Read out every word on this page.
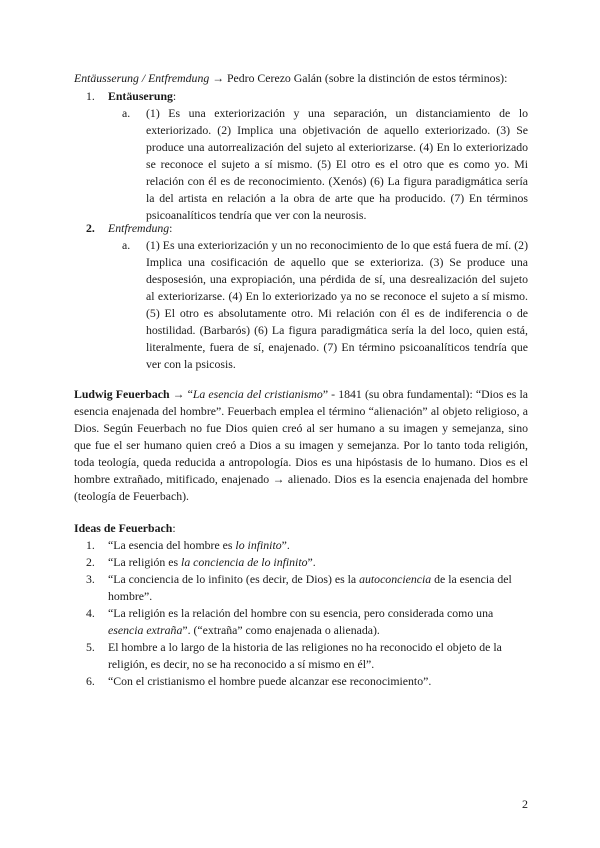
Entäusserung / Entfremdung → Pedro Cerezo Galán (sobre la distinción de estos términos):
1.	Entäuserung:
a. (1) Es una exteriorización y una separación, un distanciamiento de lo exteriorizado. (2) Implica una objetivación de aquello exteriorizado. (3) Se produce una autorrealización del sujeto al exteriorizarse. (4) En lo exteriorizado se reconoce el sujeto a sí mismo. (5) El otro es el otro que es como yo. Mi relación con él es de reconocimiento. (Xenós) (6) La figura paradigmática sería la del artista en relación a la obra de arte que ha producido. (7) En términos psicoanalíticos tendría que ver con la neurosis.
2.	Entfremdung:
a. (1) Es una exteriorización y un no reconocimiento de lo que está fuera de mí. (2) Implica una cosificación de aquello que se exterioriza. (3) Se produce una desposesión, una expropiación, una pérdida de sí, una desrealización del sujeto al exteriorizarse. (4) En lo exteriorizado ya no se reconoce el sujeto a sí mismo. (5) El otro es absolutamente otro. Mi relación con él es de indiferencia o de hostilidad. (Barbarós) (6) La figura paradigmática sería la del loco, quien está, literalmente, fuera de sí, enajenado. (7) En término psicoanalíticos tendría que ver con la psicosis.
Ludwig Feuerbach → “La esencia del cristianismo” - 1841 (su obra fundamental): “Dios es la esencia enajenada del hombre”. Feuerbach emplea el término “alienación” al objeto religioso, a Dios. Según Feuerbach no fue Dios quien creó al ser humano a su imagen y semejanza, sino que fue el ser humano quien creó a Dios a su imagen y semejanza. Por lo tanto toda religión, toda teología, queda reducida a antropología. Dios es una hipóstasis de lo humano. Dios es el hombre extrañado, mitificado, enajenado → alienado. Dios es la esencia enajenada del hombre (teología de Feuerbach).
Ideas de Feuerbach:
1.	“La esencia del hombre es lo infinito”.
2.	“La religión es la conciencia de lo infinito”.
3.	“La conciencia de lo infinito (es decir, de Dios) es la autoconciencia de la esencia del hombre”.
4.	“La religión es la relación del hombre con su esencia, pero considerada como una esencia extraña”. (“extraña” como enajenada o alienada).
5.	El hombre a lo largo de la historia de las religiones no ha reconocido el objeto de la religión, es decir, no se ha reconocido a sí mismo en él”.
6.	“Con el cristianismo el hombre puede alcanzar ese reconocimiento”.
2
